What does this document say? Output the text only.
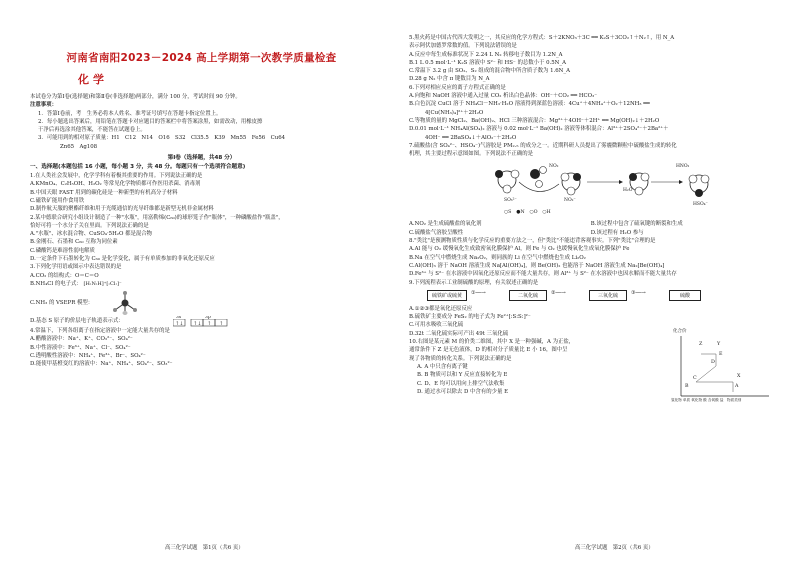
河南省南阳2023－2024 高上学期第一次教学质量检查
化学
本试卷分为第Ⅰ卷(选择题)和第Ⅱ卷(非选择题)两部分，满分 100 分，考试时间 90 分钟。
注意事项：
1．答第Ⅰ卷前，考　生务必将本人姓名、准考证号填写在答题卡指定位置上。
2．每小题选出答案后，用铅笔在答题卡对应题目的答案栏中将答案涂黑，如需改动，用橡皮擦
干净后再选涂其他答案，不能答在试题卷上。
3．可能用到的相对原子质量：H1　C12　N14　O16　S32　Cl35.5　K39　Mn55　Fe56　Cu64
Zn65　Ag108
第Ⅰ卷（选择题，共48 分）
一、选择题(本题包括 16 小题，每小题 3 分，共 48 分。每题只有一个选项符合题意)
1.在人类社会发展中，化学学科有着极其重要的作用。下列说法正确的是
A.KMnO₄、C₂H₅OH、H₂O₂ 等常见化学物质都可作医用杀菌、消毒剂
B.中国天眼 FAST 用到的碳化硅是一种新型的有机高分子材料
C.磁铁矿能用作食用铁
D.制作航天服的聚酯纤维和用于光缆通信的光导纤维都是新型无机非金属材料
2.某中德联合研究小组设计制造了一种"水瓶"，用富勒烯(C₆₀)的球形笼子作"瓶体"，一种磷酸盐作"瓶盖"，
恰好可将一个水分子关在里面。下列说法正确的是
A."水瓶"、冰水混合物、CuSO₄·5H₂O 都是混合物
B.金刚石、石墨和 C₆₀ 互称为同位素
C.磷酸钙是难溶性弱电解质
D.一定条件下石墨转化为 C₆₀ 是化学变化，属于有单质参加的非氧化还原反应
3.下列化学用语或图示中表达错误的是
A.CO₂ 的结构式：O＝C＝O
B.NH₄Cl 的电子式： [H:N:H]⁺[:Cl:]⁻
C.NH₃ 的 VSEPR 模型：
D.基态 S 原子的价层电子轨道表示式：
3s	3p
↑↓ ↑↓ ↑ ↑
4.常温下，下列各组离子在指定溶液中一定能大量共存的是
A.醋酸溶液中：Na⁺、K⁺、CO₃²⁻、SO₄²⁻
B.中性溶液中：Fe³⁺、Na⁺、Cl⁻、SO₄²⁻
C.透明酸性溶液中：NH₄⁺、Fe³⁺、Br⁻、SO₄²⁻
D.能使甲基橙变红的溶液中：Na⁺、NH₄⁺、SO₄²⁻、SO₃²⁻
高三化学试题　第1页（共6 页）
5.黑火药是中国古代四大发明之一，其反应的化学方程式：S＋2KNO₃＋3C ══ K₂S＋3CO₂↑＋N₂↑，用 N_A
表示阿伏加德罗常数的值。下列说法错误的是
A.反应中每生成标准状况下 2.24 L N₂ 转移电子数目为 1.2N_A
B.1 L 0.5 mol·L⁻¹ K₂S 溶液中 S²⁻ 和 HS⁻ 的总数小于 0.5N_A
C.常温下 3.2 g 由 SO₂、S₂ 组成的混合物中所含质子数为 1.6N_A
D.28 g N₂ 中含 π 键数目为 N_A
6.下列对相应反应的离子方程式正确的是
A.向饱和 NaOH 溶液中通入过量 CO₂ 析出白色晶体：OH⁻＋CO₂ ══ HCO₃⁻
B.白色沉淀 CuCl 溶于 NH₄Cl－NH₃·H₂O 溶液得到深蓝色溶液：4Cu⁺＋4NH₄⁺＋O₂＋12NH₃ ══
4[Cu(NH₃)₄]²⁺＋2H₂O
C.等物质的量的 MgCl₂、Ba(OH)₂、HCl 三种溶液混合：Mg²⁺＋4OH⁻＋2H⁺ ══ Mg(OH)₂↓＋2H₂O
D.0.01 mol·L⁻¹ NH₄Al(SO₄)₂ 溶液与 0.02 mol·L⁻¹ Ba(OH)₂ 溶液等体积混合：Al³⁺＋2SO₄²⁻＋2Ba²⁺＋
4OH⁻ ══ 2BaSO₄↓＋AlO₂⁻＋2H₂O
7.硫酸盐(含 SO₄²⁻、HSO₄⁻)气溶胶是 PM₂.₅ 的成分之一。近期科研人员提出了雾霾微颗粒中硫酸盐生成的转化
机理，其主要过程示意图如图。下列说法不正确的是
NO₂
SO₃²⁻
HNO₂
H₂O
NO₂⁻
HSO₄⁻
○S　●N　○O　○H
A.NO₂ 是生成硫酸盐的氧化剂	B.该过程中包含了硫氧键的断裂和生成
C.硫酸盐气溶胶呈酸性	D.该过程有 H₂O 参与
8."类比"是预测物质性质与化学反应的重要方法之一，但"类比"不能违背客观事实。下列"类比"合理的是
A.Al 能与 O₂ 缓慢氧化生成致密氧化膜保护 Al，则 Fe 与 O₂ 也缓慢氧化生成氧化膜保护 Fe
B.Na 在空气中燃烧生成 Na₂O₂，则同族的 Li 在空气中燃烧也生成 Li₂O₂
C.Al(OH)₃ 溶于 NaOH 溶液生成 Na[Al(OH)₄]，则 Be(OH)₂ 也能溶于 NaOH 溶液生成 Na₂[Be(OH)₄]
D.Fe³⁺ 与 S²⁻ 在水溶液中因氧化还原反应而不能大量共存，则 Al³⁺ 与 S²⁻ 在水溶液中也因水解而不能大量共存
9.下列流程表示工业制硫酸的原理，有关叙述正确的是
硫铁矿或硫黄	①──→	二氧化硫	②──→	三氧化硫	③──→	硫酸
A.①②③都是氧化还原反应
B.硫铁矿主要成分 FeS₂ 的电子式为 Fe²⁺[:S:S:]²⁻
C.可用水吸收三氧化硫
D.32t 二氧化硫实际可产出 49t 三氧化硫
10.右图是某元素 M 的价类二维图，其中 X 是一种强碱，A 为正盐，
通常条件下 Z 是无色液体，D 的相对分子质量比 E 小 16，图中呈
现了各物质的转化关系。下列说法正确的是
A. A 中只含有离子键
B. B 物质可以和 Y 反应直接转化为 E
C. D、E 均可以用向上排空气法收集
D. 通过水可以除去 D 中含有的少量 E
化合价
Z	Y
E
D
C
B	A
X
氢化物 单质 氧化物 酸 含氧酸 盐　物质类别
高三化学试题　第2页（共6 页）
